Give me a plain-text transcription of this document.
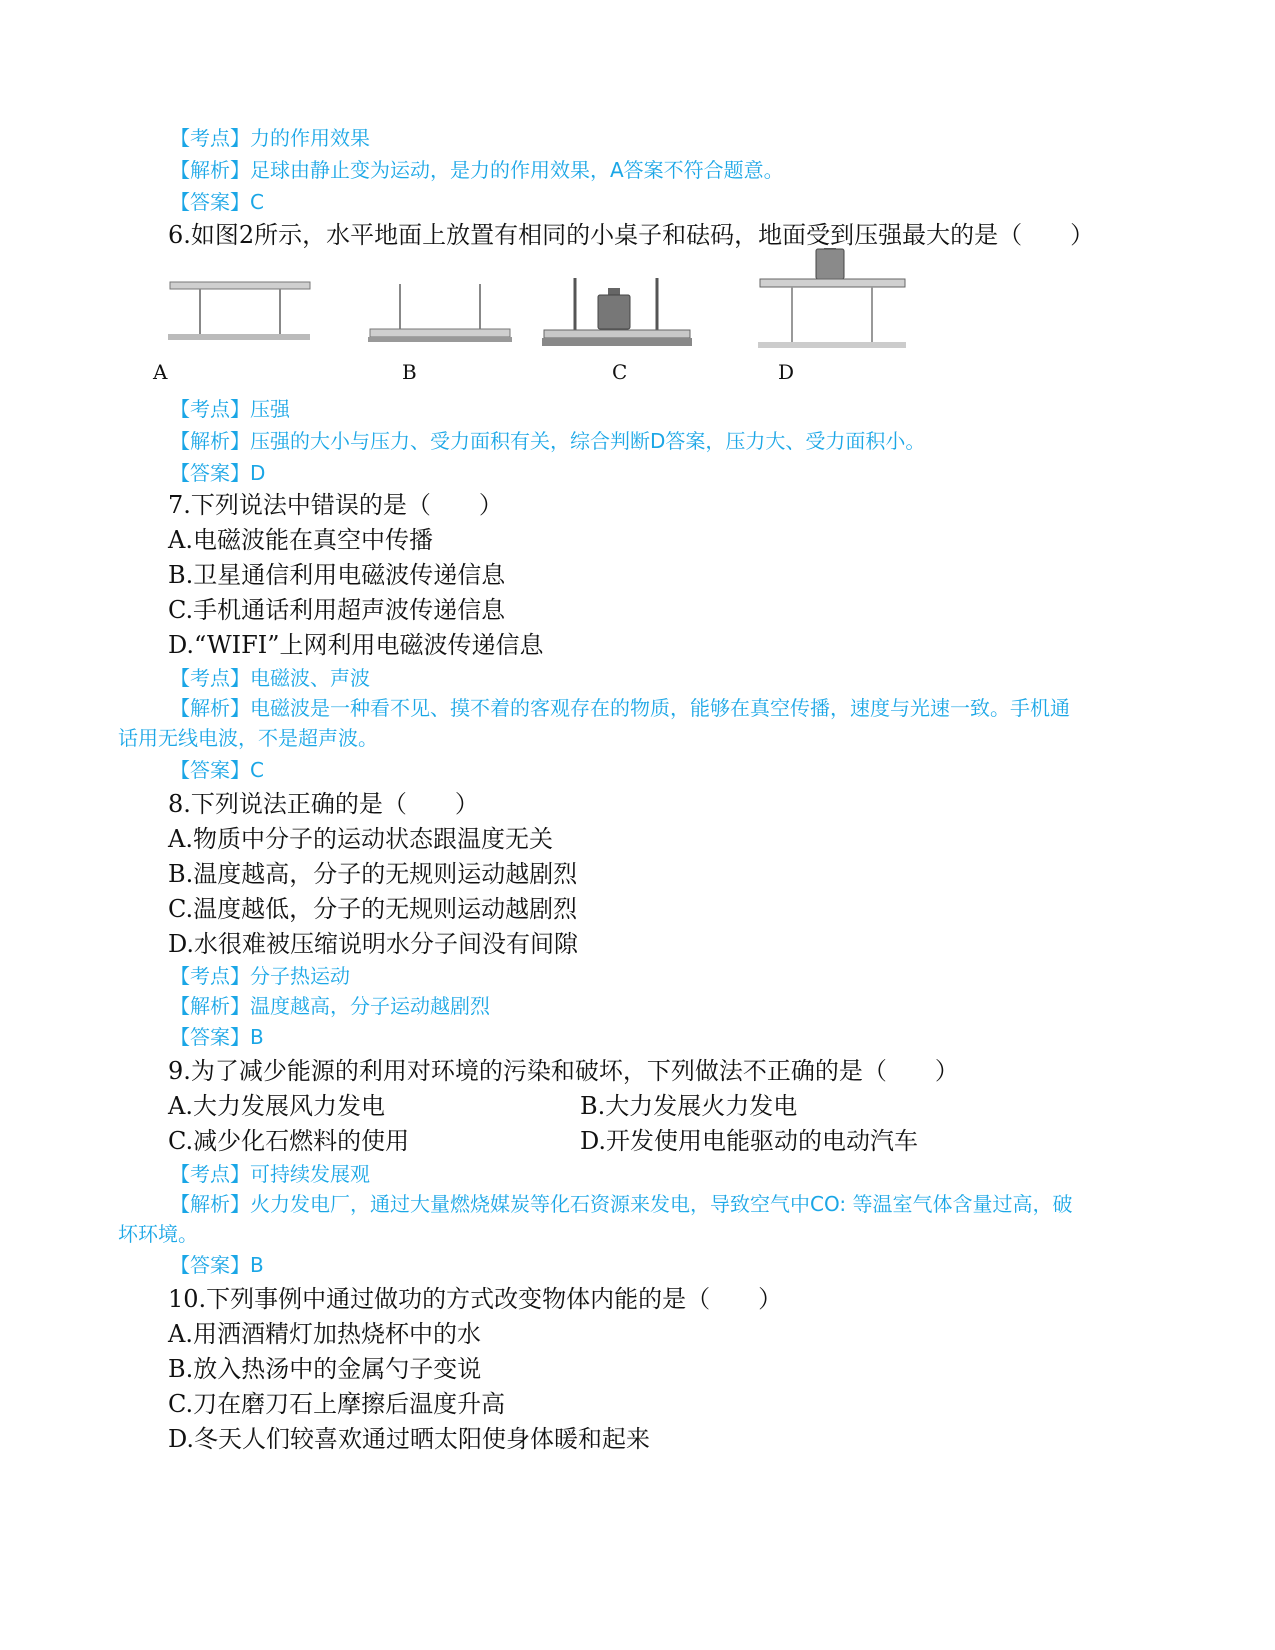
【考点】力的作用效果
【解析】足球由静止变为运动，是力的作用效果，A答案不符合题意。
【答案】C
6.如图2所示，水平地面上放置有相同的小桌子和砝码，地面受到压强最大的是（　　）
A	B	C	D
【考点】压强
【解析】压强的大小与压力、受力面积有关，综合判断D答案，压力大、受力面积小。
【答案】D
7.下列说法中错误的是（　　）
A.电磁波能在真空中传播
B.卫星通信利用电磁波传递信息
C.手机通话利用超声波传递信息
D.“WIFI”上网利用电磁波传递信息
【考点】电磁波、声波
【解析】电磁波是一种看不见、摸不着的客观存在的物质，能够在真空传播，速度与光速一致。手机通
话用无线电波，不是超声波。
【答案】C
8.下列说法正确的是（　　）
A.物质中分子的运动状态跟温度无关
B.温度越高，分子的无规则运动越剧烈
C.温度越低，分子的无规则运动越剧烈
D.水很难被压缩说明水分子间没有间隙
【考点】分子热运动
【解析】温度越高，分子运动越剧烈
【答案】B
9.为了减少能源的利用对环境的污染和破坏，下列做法不正确的是（　　）
A.大力发展风力发电	B.大力发展火力发电
C.减少化石燃料的使用	D.开发使用电能驱动的电动汽车
【考点】可持续发展观
【解析】火力发电厂，通过大量燃烧媒炭等化石资源来发电，导致空气中CO: 等温室气体含量过高，破
坏环境。
【答案】B
10.下列事例中通过做功的方式改变物体内能的是（　　）
A.用洒酒精灯加热烧杯中的水
B.放入热汤中的金属勺子变说
C.刀在磨刀石上摩擦后温度升高
D.冬天人们较喜欢通过晒太阳使身体暖和起来
